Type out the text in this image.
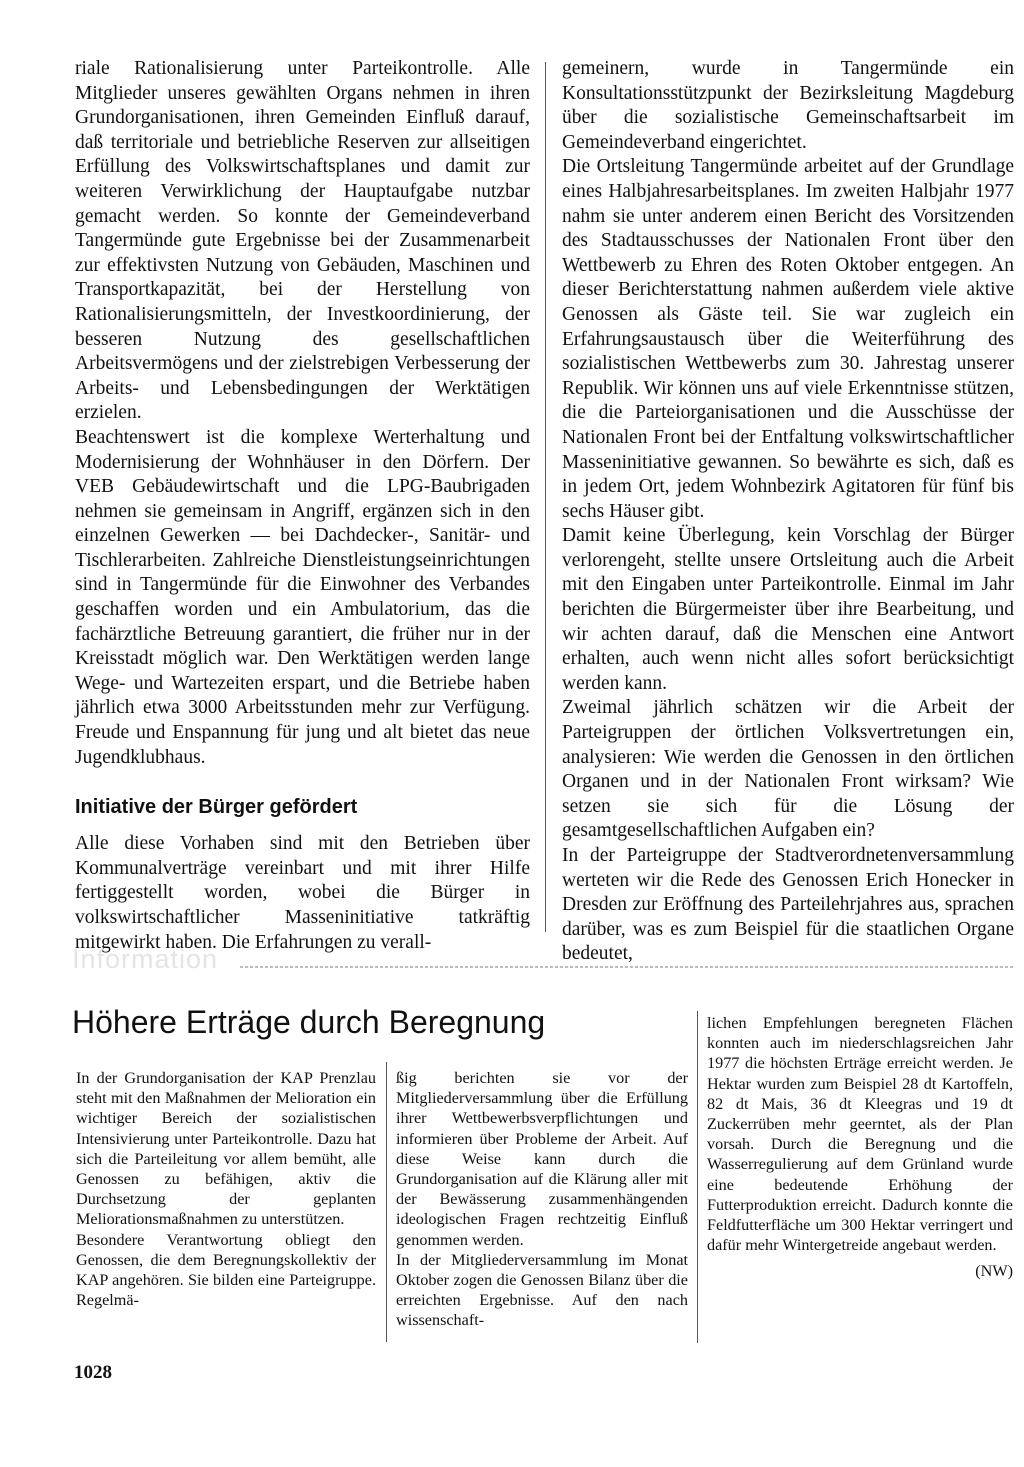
riale Rationalisierung unter Parteikontrolle. Alle Mitglieder unseres gewählten Organs nehmen in ihren Grundorganisationen, ihren Gemeinden Einfluß darauf, daß territoriale und betriebliche Reserven zur allseitigen Erfüllung des Volkswirtschaftsplanes und damit zur weiteren Verwirklichung der Hauptaufgabe nutzbar gemacht werden. So konnte der Gemeindeverband Tangermünde gute Ergebnisse bei der Zusammenarbeit zur effektivsten Nutzung von Gebäuden, Maschinen und Transportkapazität, bei der Herstellung von Rationalisierungsmitteln, der Investkoordinierung, der besseren Nutzung des gesellschaftlichen Arbeitsvermögens und der zielstrebigen Verbesserung der Arbeits- und Lebensbedingungen der Werktätigen erzielen.

Beachtenswert ist die komplexe Werterhaltung und Modernisierung der Wohnhäuser in den Dörfern. Der VEB Gebäudewirtschaft und die LPG-Baubrigaden nehmen sie gemeinsam in Angriff, ergänzen sich in den einzelnen Gewerken — bei Dachdecker-, Sanitär- und Tischlerarbeiten. Zahlreiche Dienstleistungseinrichtungen sind in Tangermünde für die Einwohner des Verbandes geschaffen worden und ein Ambulatorium, das die fachärztliche Betreuung garantiert, die früher nur in der Kreisstadt möglich war. Den Werktätigen werden lange Wege- und Wartezeiten erspart, und die Betriebe haben jährlich etwa 3000 Arbeitsstunden mehr zur Verfügung. Freude und Enspannung für jung und alt bietet das neue Jugendklubhaus.

Initiative der Bürger gefördert

Alle diese Vorhaben sind mit den Betrieben über Kommunalverträge vereinbart und mit ihrer Hilfe fertiggestellt worden, wobei die Bürger in volkswirtschaftlicher Masseninitiative tatkräftig mitgewirkt haben. Die Erfahrungen zu verall-

gemeinern, wurde in Tangermünde ein Konsultationsstützpunkt der Bezirksleitung Magdeburg über die sozialistische Gemeinschaftsarbeit im Gemeindeverband eingerichtet.

Die Ortsleitung Tangermünde arbeitet auf der Grundlage eines Halbjahresarbeitsplanes. Im zweiten Halbjahr 1977 nahm sie unter anderem einen Bericht des Vorsitzenden des Stadtausschusses der Nationalen Front über den Wettbewerb zu Ehren des Roten Oktober entgegen. An dieser Berichterstattung nahmen außerdem viele aktive Genossen als Gäste teil. Sie war zugleich ein Erfahrungsaustausch über die Weiterführung des sozialistischen Wettbewerbs zum 30. Jahrestag unserer Republik. Wir können uns auf viele Erkenntnisse stützen, die die Parteiorganisationen und die Ausschüsse der Nationalen Front bei der Entfaltung volkswirtschaftlicher Masseninitiative gewannen. So bewährte es sich, daß es in jedem Ort, jedem Wohnbezirk Agitatoren für fünf bis sechs Häuser gibt.

Damit keine Überlegung, kein Vorschlag der Bürger verlorengeht, stellte unsere Ortsleitung auch die Arbeit mit den Eingaben unter Parteikontrolle. Einmal im Jahr berichten die Bürgermeister über ihre Bearbeitung, und wir achten darauf, daß die Menschen eine Antwort erhalten, auch wenn nicht alles sofort berücksichtigt werden kann.

Zweimal jährlich schätzen wir die Arbeit der Parteigruppen der örtlichen Volksvertretungen ein, analysieren: Wie werden die Genossen in den örtlichen Organen und in der Nationalen Front wirksam? Wie setzen sie sich für die Lösung der gesamtgesellschaftlichen Aufgaben ein?

In der Parteigruppe der Stadtverordnetenversammlung werteten wir die Rede des Genossen Erich Honecker in Dresden zur Eröffnung des Parteilehrjahres aus, sprachen darüber, was es zum Beispiel für die staatlichen Organe bedeutet,

Information
Höhere Erträge durch Beregnung

In der Grundorganisation der KAP Prenzlau steht mit den Maßnahmen der Melioration ein wichtiger Bereich der sozialistischen Intensivierung unter Parteikontrolle. Dazu hat sich die Parteileitung vor allem bemüht, alle Genossen zu befähigen, aktiv die Durchsetzung der geplanten Meliorationsmaßnahmen zu unterstützen.

Besondere Verantwortung obliegt den Genossen, die dem Beregnungskollektiv der KAP angehören. Sie bilden eine Parteigruppe. Regelmä-

ßig berichten sie vor der Mitgliederversammlung über die Erfüllung ihrer Wettbewerbsverpflichtungen und informieren über Probleme der Arbeit. Auf diese Weise kann durch die Grundorganisation auf die Klärung aller mit der Bewässerung zusammenhängenden ideologischen Fragen rechtzeitig Einfluß genommen werden.

In der Mitgliederversammlung im Monat Oktober zogen die Genossen Bilanz über die erreichten Ergebnisse. Auf den nach wissenschaft-

lichen Empfehlungen beregneten Flächen konnten auch im niederschlagsreichen Jahr 1977 die höchsten Erträge erreicht werden. Je Hektar wurden zum Beispiel 28 dt Kartoffeln, 82 dt Mais, 36 dt Kleegras und 19 dt Zuckerrüben mehr geerntet, als der Plan vorsah. Durch die Beregnung und die Wasserregulierung auf dem Grünland wurde eine bedeutende Erhöhung der Futterproduktion erreicht. Dadurch konnte die Feldfutterfläche um 300 Hektar verringert und dafür mehr Wintergetreide angebaut werden.

(NW)

1028
